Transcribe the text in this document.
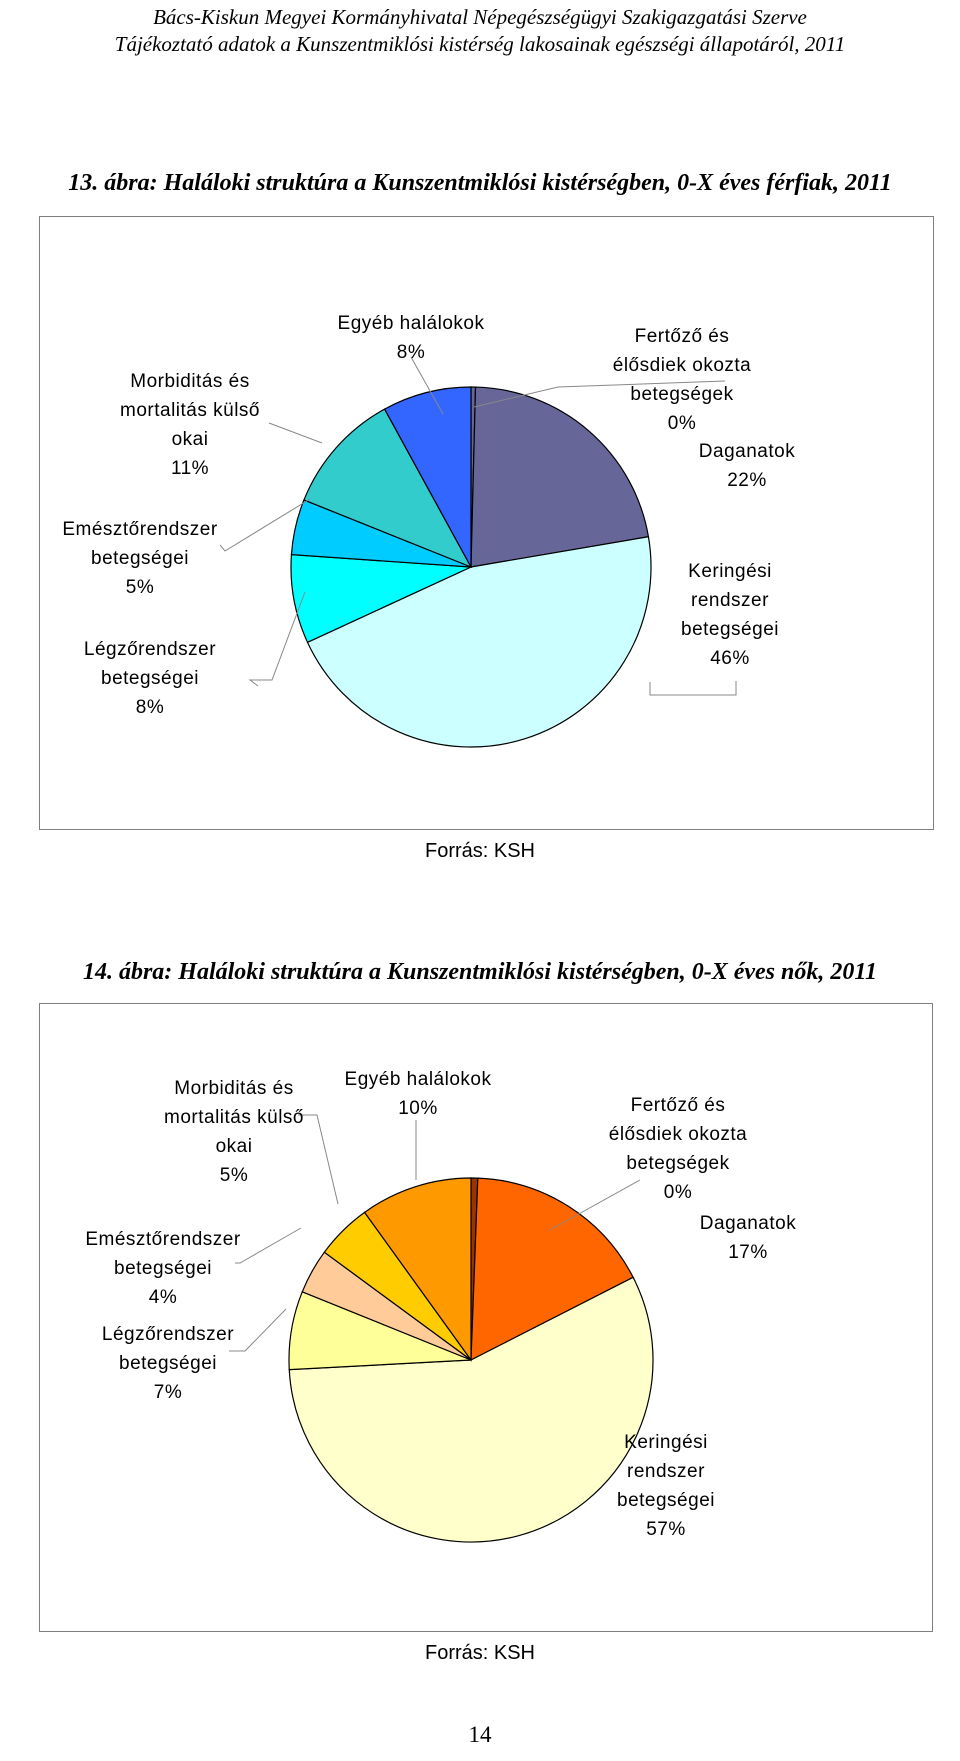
Bács-Kiskun Megyei Kormányhivatal Népegészségügyi Szakigazgatási Szerve
Tájékoztató adatok a Kunszentmiklósi kistérség lakosainak egészségi állapotáról, 2011
13. ábra: Haláloki struktúra a Kunszentmiklósi kistérségben, 0-X éves férfiak, 2011
Fertőző és
élősdiek okozta
betegségek
0%
Daganatok
22%
Keringési
rendszer
betegségei
46%
Légzőrendszer
betegségei
8%
Emésztőrendszer
betegségei
5%
Morbiditás és
mortalitás külső
okai
11%
Egyéb halálokok
8%
Forrás: KSH
14. ábra: Haláloki struktúra a Kunszentmiklósi kistérségben, 0-X éves nők, 2011
Fertőző és
élősdiek okozta
betegségek
0%
Daganatok
17%
Keringési
rendszer
betegségei
57%
Légzőrendszer
betegségei
7%
Emésztőrendszer
betegségei
4%
Morbiditás és
mortalitás külső
okai
5%
Egyéb halálokok
10%
Forrás: KSH
14
